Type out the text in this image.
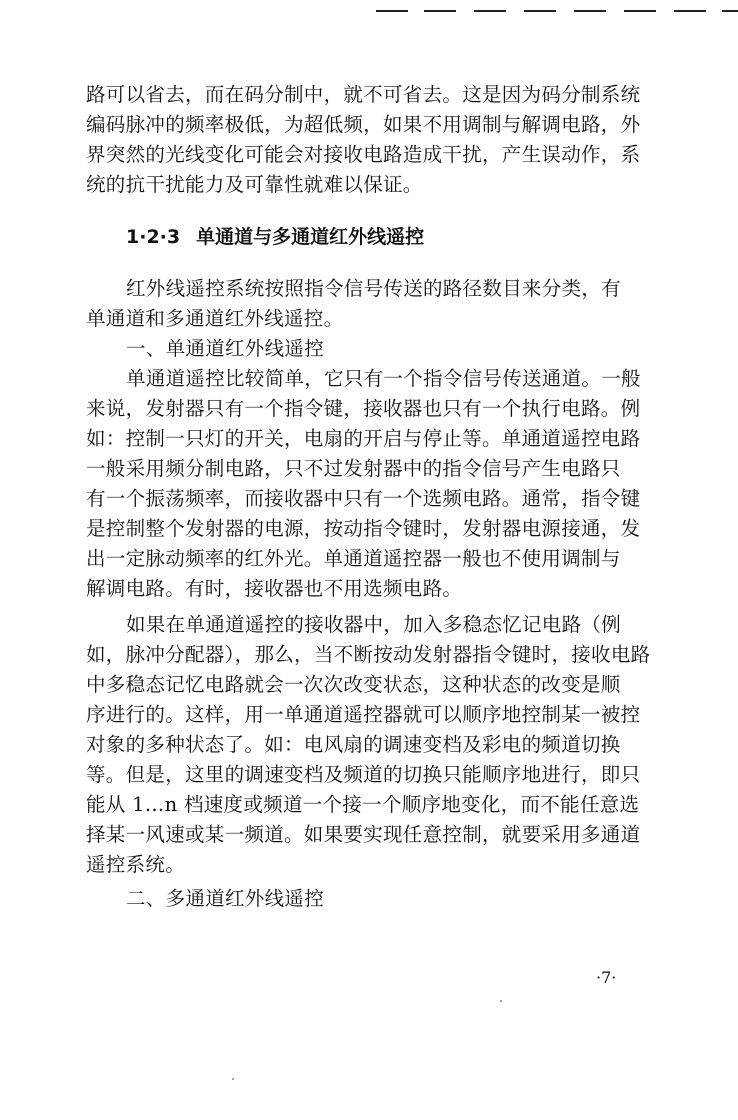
路可以省去，而在码分制中，就不可省去。这是因为码分制系统
编码脉冲的频率极低，为超低频，如果不用调制与解调电路，外
界突然的光线变化可能会对接收电路造成干扰，产生误动作，系
统的抗干扰能力及可靠性就难以保证。
1·2·3 单通道与多通道红外线遥控
红外线遥控系统按照指令信号传送的路径数目来分类，有
单通道和多通道红外线遥控。
一、单通道红外线遥控
单通道遥控比较简单，它只有一个指令信号传送通道。一般
来说，发射器只有一个指令键，接收器也只有一个执行电路。例
如：控制一只灯的开关，电扇的开启与停止等。单通道遥控电路
一般采用频分制电路，只不过发射器中的指令信号产生电路只
有一个振荡频率，而接收器中只有一个选频电路。通常，指令键
是控制整个发射器的电源，按动指令键时，发射器电源接通，发
出一定脉动频率的红外光。单通道遥控器一般也不使用调制与
解调电路。有时，接收器也不用选频电路。
如果在单通道遥控的接收器中，加入多稳态忆记电路（例
如，脉冲分配器），那么，当不断按动发射器指令键时，接收电路
中多稳态记忆电路就会一次次改变状态，这种状态的改变是顺
序进行的。这样，用一单通道遥控器就可以顺序地控制某一被控
对象的多种状态了。如：电风扇的调速变档及彩电的频道切换
等。但是，这里的调速变档及频道的切换只能顺序地进行，即只
能从 1…n 档速度或频道一个接一个顺序地变化，而不能任意选
择某一风速或某一频道。如果要实现任意控制，就要采用多通道
遥控系统。
二、多通道红外线遥控
·7·
